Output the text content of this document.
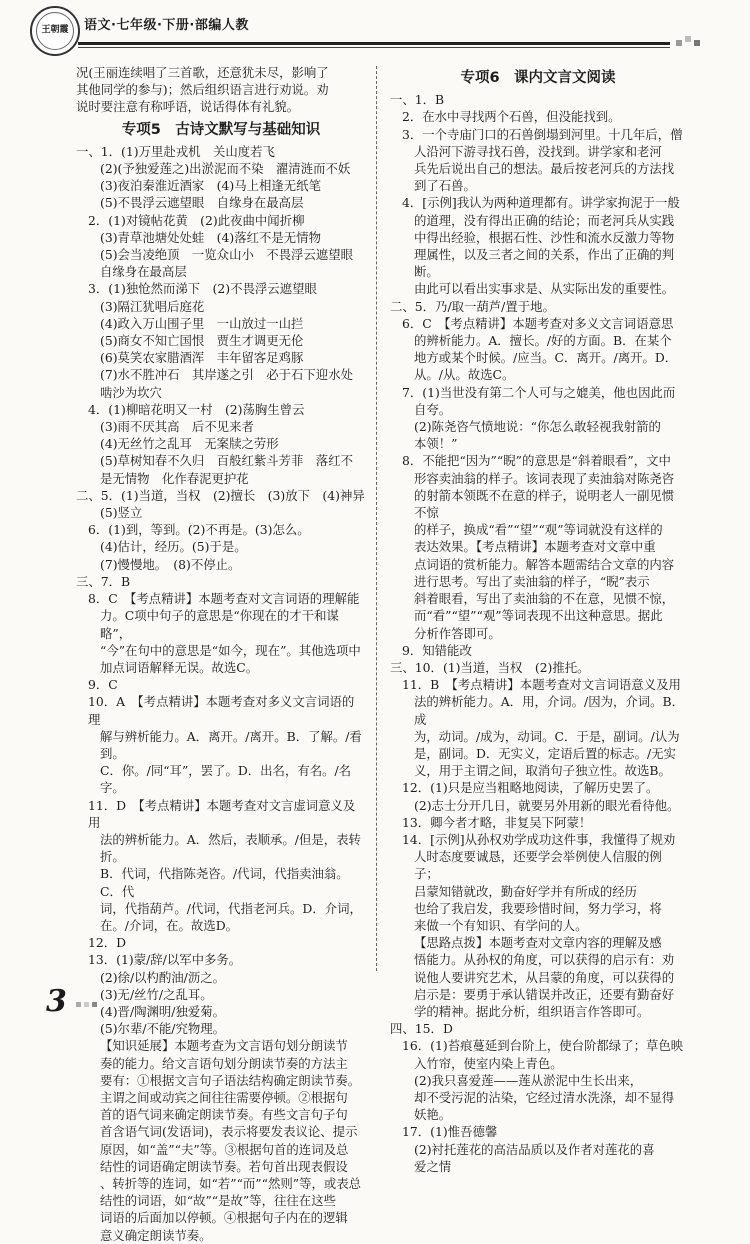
王朝霞	语文·七年级·下册·部编人教
况(王丽连续唱了三首歌，还意犹未尽，影响了
其他同学的参与)；然后组织语言进行劝说。劝
说时要注意有称呼语，说话得体有礼貌。
专项5　古诗文默写与基础知识
一、1．(1)万里赴戎机　关山度若飞
(2)(予独爱莲之)出淤泥而不染　濯清涟而不妖
(3)夜泊秦淮近酒家　(4)马上相逢无纸笔
(5)不畏浮云遮望眼　自缘身在最高层
2．(1)对镜帖花黄　(2)此夜曲中闻折柳
(3)青草池塘处处蛙　(4)落红不是无情物
(5)会当凌绝顶　一览众山小　不畏浮云遮望眼
自缘身在最高层
3．(1)独怆然而涕下　(2)不畏浮云遮望眼
(3)隔江犹唱后庭花
(4)政入万山围子里　一山放过一山拦
(5)商女不知亡国恨　贾生才调更无伦
(6)莫笑农家腊酒浑　丰年留客足鸡豚
(7)水不胜冲石　其岸遂之引　必于石下迎水处
啮沙为坎穴
4．(1)柳暗花明又一村　(2)荡胸生曾云
(3)雨不厌其高　后不见来者
(4)无丝竹之乱耳　无案牍之劳形
(5)草树知春不久归　百般红紫斗芳菲　落红不
是无情物　化作春泥更护花
二、5．(1)当道，当权　(2)擅长　(3)放下　(4)神异
(5)竖立
6．(1)到，等到。(2)不再是。(3)怎么。
(4)估计，经历。(5)于是。
(7)慢慢地。　(8)不停止。
三、7．B
8．C　【考点精讲】本题考查对文言词语的理解能
力。C项中句子的意思是“你现在的才干和谋略”，
“今”在句中的意思是“如今，现在”。其他选项中
加点词语解释无误。故选C。
9．C
10．A　【考点精讲】本题考查对多义文言词语的理
解与辨析能力。A．离开。/离开。B．了解。/看到。
C．你。/同“耳”，罢了。D．出名，有名。/名字。
11．D　【考点精讲】本题考查对文言虚词意义及用
法的辨析能力。A．然后，表顺承。/但是，表转折。
B．代词，代指陈尧咨。/代词，代指卖油翁。C．代
词，代指葫芦。/代词，代指老河兵。D．介词，
在。/介词，在。故选D。
12．D
13．(1)蒙/辞/以军中多务。
(2)徐/以杓酌油/沥之。
(3)无/丝竹/之乱耳。
(4)晋/陶渊明/独爱菊。
(5)尔辈/不能/究物理。
【知识延展】本题考查为文言语句划分朗读节
奏的能力。给文言语句划分朗读节奏的方法主
要有：①根据文言句子语法结构确定朗读节奏。
主谓之间或动宾之间往往需要停顿。②根据句
首的语气词来确定朗读节奏。有些文言句子句
首含语气词(发语词)，表示将要发表议论、提示
原因，如“盖”“夫”等。③根据句首的连词及总
结性的词语确定朗读节奏。若句首出现表假设
、转折等的连词，如“若”“而”“然则”等，或表总
结性的词语，如“故”“是故”等，往往在这些
词语的后面加以停顿。④根据句子内在的逻辑
意义确定朗读节奏。
专项6　课内文言文阅读
一、1．B
2．在水中寻找两个石兽，但没能找到。
3．一个寺庙门口的石兽倒塌到河里。十几年后，僧
人沿河下游寻找石兽，没找到。讲学家和老河
兵先后说出自己的想法。最后按老河兵的方法找
到了石兽。
4．[示例]我认为两种道理都有。讲学家拘泥于一般
的道理，没有得出正确的结论；而老河兵从实践
中得出经验，根据石性、沙性和流水反激力等物
理属性，以及三者之间的关系，作出了正确的判断。
由此可以看出实事求是、从实际出发的重要性。
二、5．乃/取一葫芦/置于地。
6．C　【考点精讲】本题考查对多义文言词语意思
的辨析能力。A．擅长。/好的方面。B．在某个
地方或某个时候。/应当。C．离开。/离开。D．
从。/从。故选C。
7．(1)当世没有第二个人可与之媲美，他也因此而
自夸。
(2)陈尧咨气愤地说：“你怎么敢轻视我射箭的
本领！”
8．不能把“因为”“睨”的意思是“斜着眼看”，文中
形容卖油翁的样子。该词表现了卖油翁对陈尧咨
的射箭本领既不在意的样子，说明老人一副见惯不惊
的样子，换成“看”“望”“观”等词就没有这样的
表达效果。【考点精讲】本题考查对文章中重
点词语的赏析能力。解答本题需结合文章的内容
进行思考。写出了卖油翁的样子，“睨”表示
斜着眼看，写出了卖油翁的不在意，见惯不惊，
而“看”“望”“观”等词表现不出这种意思。据此
分析作答即可。
9．知错能改
三、10．(1)当道，当权　(2)推托。
11．B　【考点精讲】本题考查对文言词语意义及用
法的辨析能力。A．用，介词。/因为，介词。B．成
为，动词。/成为，动词。C．于是，副词。/认为
是，副词。D．无实义，定语后置的标志。/无实
义，用于主谓之间，取消句子独立性。故选B。
12．(1)只是应当粗略地阅读，了解历史罢了。
(2)志士分开几日，就要另外用新的眼光看待他。
13．卿今者才略，非复吴下阿蒙！
14．[示例]从孙权劝学成功这件事，我懂得了规劝
人时态度要诚恳，还要学会举例使人信服的例子；
吕蒙知错就改，勤奋好学并有所成的经历
也给了我启发，我要珍惜时间，努力学习，将
来做一个有知识、有学问的人。
【思路点拨】本题考查对文章内容的理解及感
悟能力。从孙权的角度，可以获得的启示有：劝
说他人要讲究艺术，从吕蒙的角度，可以获得的
启示是：要勇于承认错误并改正，还要有勤奋好
学的精神。据此分析，组织语言作答即可。
四、15．D
16．(1)苔痕蔓延到台阶上，使台阶都绿了；草色映
入竹帘，使室内染上青色。
(2)我只喜爱莲——莲从淤泥中生长出来，
却不受污泥的沾染，它经过清水洗涤，却不显得
妖艳。
17．(1)惟吾德馨
(2)衬托莲花的高洁品质以及作者对莲花的喜
爱之情
3
